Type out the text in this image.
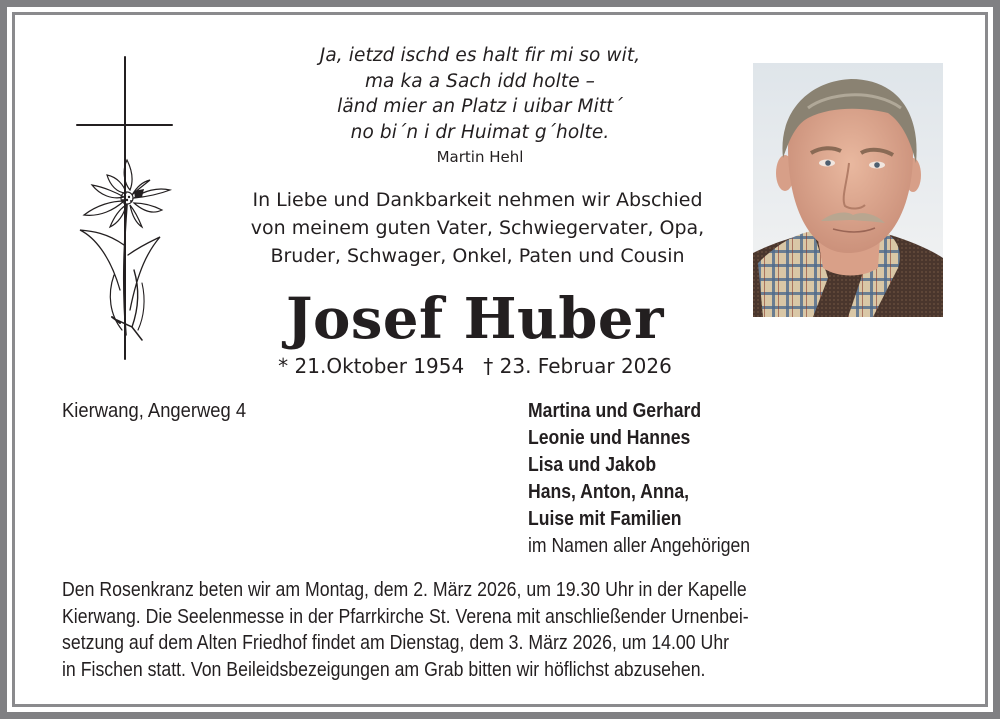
Ja, ietzd ischd es halt fir mi so wit,
ma ka a Sach idd holte –
länd mier an Platz i uibar Mitt´
no bi´n i dr Huimat g´holte.
Martin Hehl
In Liebe und Dankbarkeit nehmen wir Abschied
von meinem guten Vater, Schwiegervater, Opa,
Bruder, Schwager, Onkel, Paten und Cousin
Josef Huber
* 21.Oktober 1954   † 23. Februar 2026
Kierwang, Angerweg 4	Martina und Gerhard
Leonie und Hannes
Lisa und Jakob
Hans, Anton, Anna,
Luise mit Familien
im Namen aller Angehörigen
Den Rosenkranz beten wir am Montag, dem 2. März 2026, um 19.30 Uhr in der Kapelle
Kierwang. Die Seelenmesse in der Pfarrkirche St. Verena mit anschließender Urnenbei-
setzung auf dem Alten Friedhof findet am Dienstag, dem 3. März 2026, um 14.00 Uhr
in Fischen statt. Von Beileidsbezeigungen am Grab bitten wir höflichst abzusehen.
